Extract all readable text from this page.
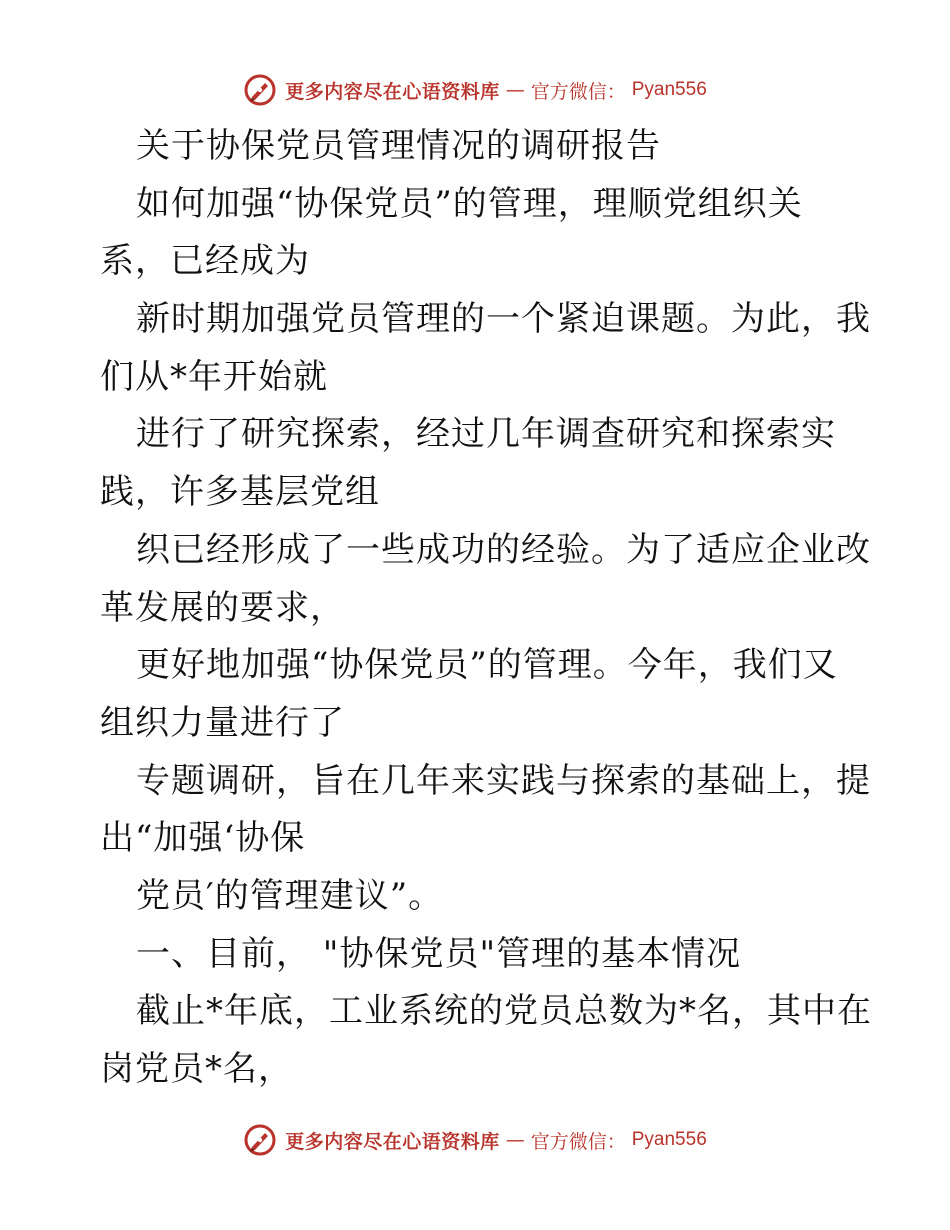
更多内容尽在心语资料库 — 官方微信： Pyan556
关于协保党员管理情况的调研报告
如何加强“协保党员”的管理，理顺党组织关
系，已经成为
新时期加强党员管理的一个紧迫课题。为此，我
们从*年开始就
进行了研究探索，经过几年调查研究和探索实
践，许多基层党组
织已经形成了一些成功的经验。为了适应企业改
革发展的要求，
更好地加强“协保党员”的管理。今年，我们又
组织力量进行了
专题调研，旨在几年来实践与探索的基础上，提
出“加强‘协保
党员′的管理建议”。
一、目前， "协保党员"管理的基本情况
截止*年底，工业系统的党员总数为*名，其中在
岗党员*名，
更多内容尽在心语资料库 — 官方微信： Pyan556
